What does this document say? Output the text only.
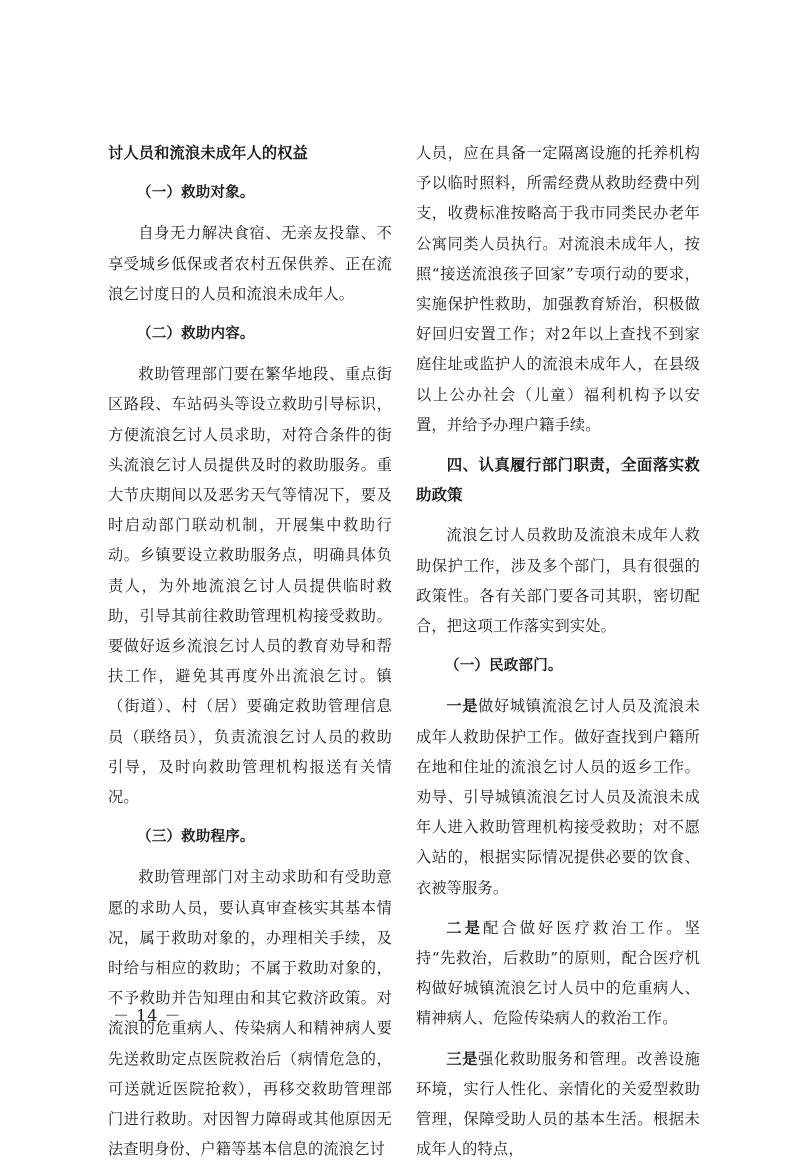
讨人员和流浪未成年人的权益

（一）救助对象。

自身无力解决食宿、无亲友投靠、不享受城乡低保或者农村五保供养、正在流浪乞讨度日的人员和流浪未成年人。

（二）救助内容。

救助管理部门要在繁华地段、重点街区路段、车站码头等设立救助引导标识，方便流浪乞讨人员求助，对符合条件的街头流浪乞讨人员提供及时的救助服务。重大节庆期间以及恶劣天气等情况下，要及时启动部门联动机制，开展集中救助行动。乡镇要设立救助服务点，明确具体负责人，为外地流浪乞讨人员提供临时救助，引导其前往救助管理机构接受救助。要做好返乡流浪乞讨人员的教育劝导和帮扶工作，避免其再度外出流浪乞讨。镇（街道）、村（居）要确定救助管理信息员（联络员），负责流浪乞讨人员的救助引导，及时向救助管理机构报送有关情况。

（三）救助程序。

救助管理部门对主动求助和有受助意愿的求助人员，要认真审查核实其基本情况，属于救助对象的，办理相关手续，及时给与相应的救助；不属于救助对象的，不予救助并告知理由和其它救济政策。对流浪的危重病人、传染病人和精神病人要先送救助定点医院救治后（病情危急的，可送就近医院抢救），再移交救助管理部门进行救助。对因智力障碍或其他原因无法查明身份、户籍等基本信息的流浪乞讨

人员，应在具备一定隔离设施的托养机构予以临时照料，所需经费从救助经费中列支，收费标准按略高于我市同类民办老年公寓同类人员执行。对流浪未成年人，按照“接送流浪孩子回家”专项行动的要求，实施保护性救助，加强教育矫治，积极做好回归安置工作；对2年以上查找不到家庭住址或监护人的流浪未成年人，在县级以上公办社会（儿童）福利机构予以安置，并给予办理户籍手续。

四、认真履行部门职责，全面落实救助政策

流浪乞讨人员救助及流浪未成年人救助保护工作，涉及多个部门，具有很强的政策性。各有关部门要各司其职，密切配合，把这项工作落实到实处。

（一）民政部门。

一是做好城镇流浪乞讨人员及流浪未成年人救助保护工作。做好查找到户籍所在地和住址的流浪乞讨人员的返乡工作。劝导、引导城镇流浪乞讨人员及流浪未成年人进入救助管理机构接受救助；对不愿入站的，根据实际情况提供必要的饮食、衣被等服务。

二是配合做好医疗救治工作。坚持“先救治，后救助”的原则，配合医疗机构做好城镇流浪乞讨人员中的危重病人、精神病人、危险传染病人的救治工作。

三是强化救助服务和管理。改善设施环境，实行人性化、亲情化的关爱型救助管理，保障受助人员的基本生活。根据未成年人的特点，

－ 14 －
